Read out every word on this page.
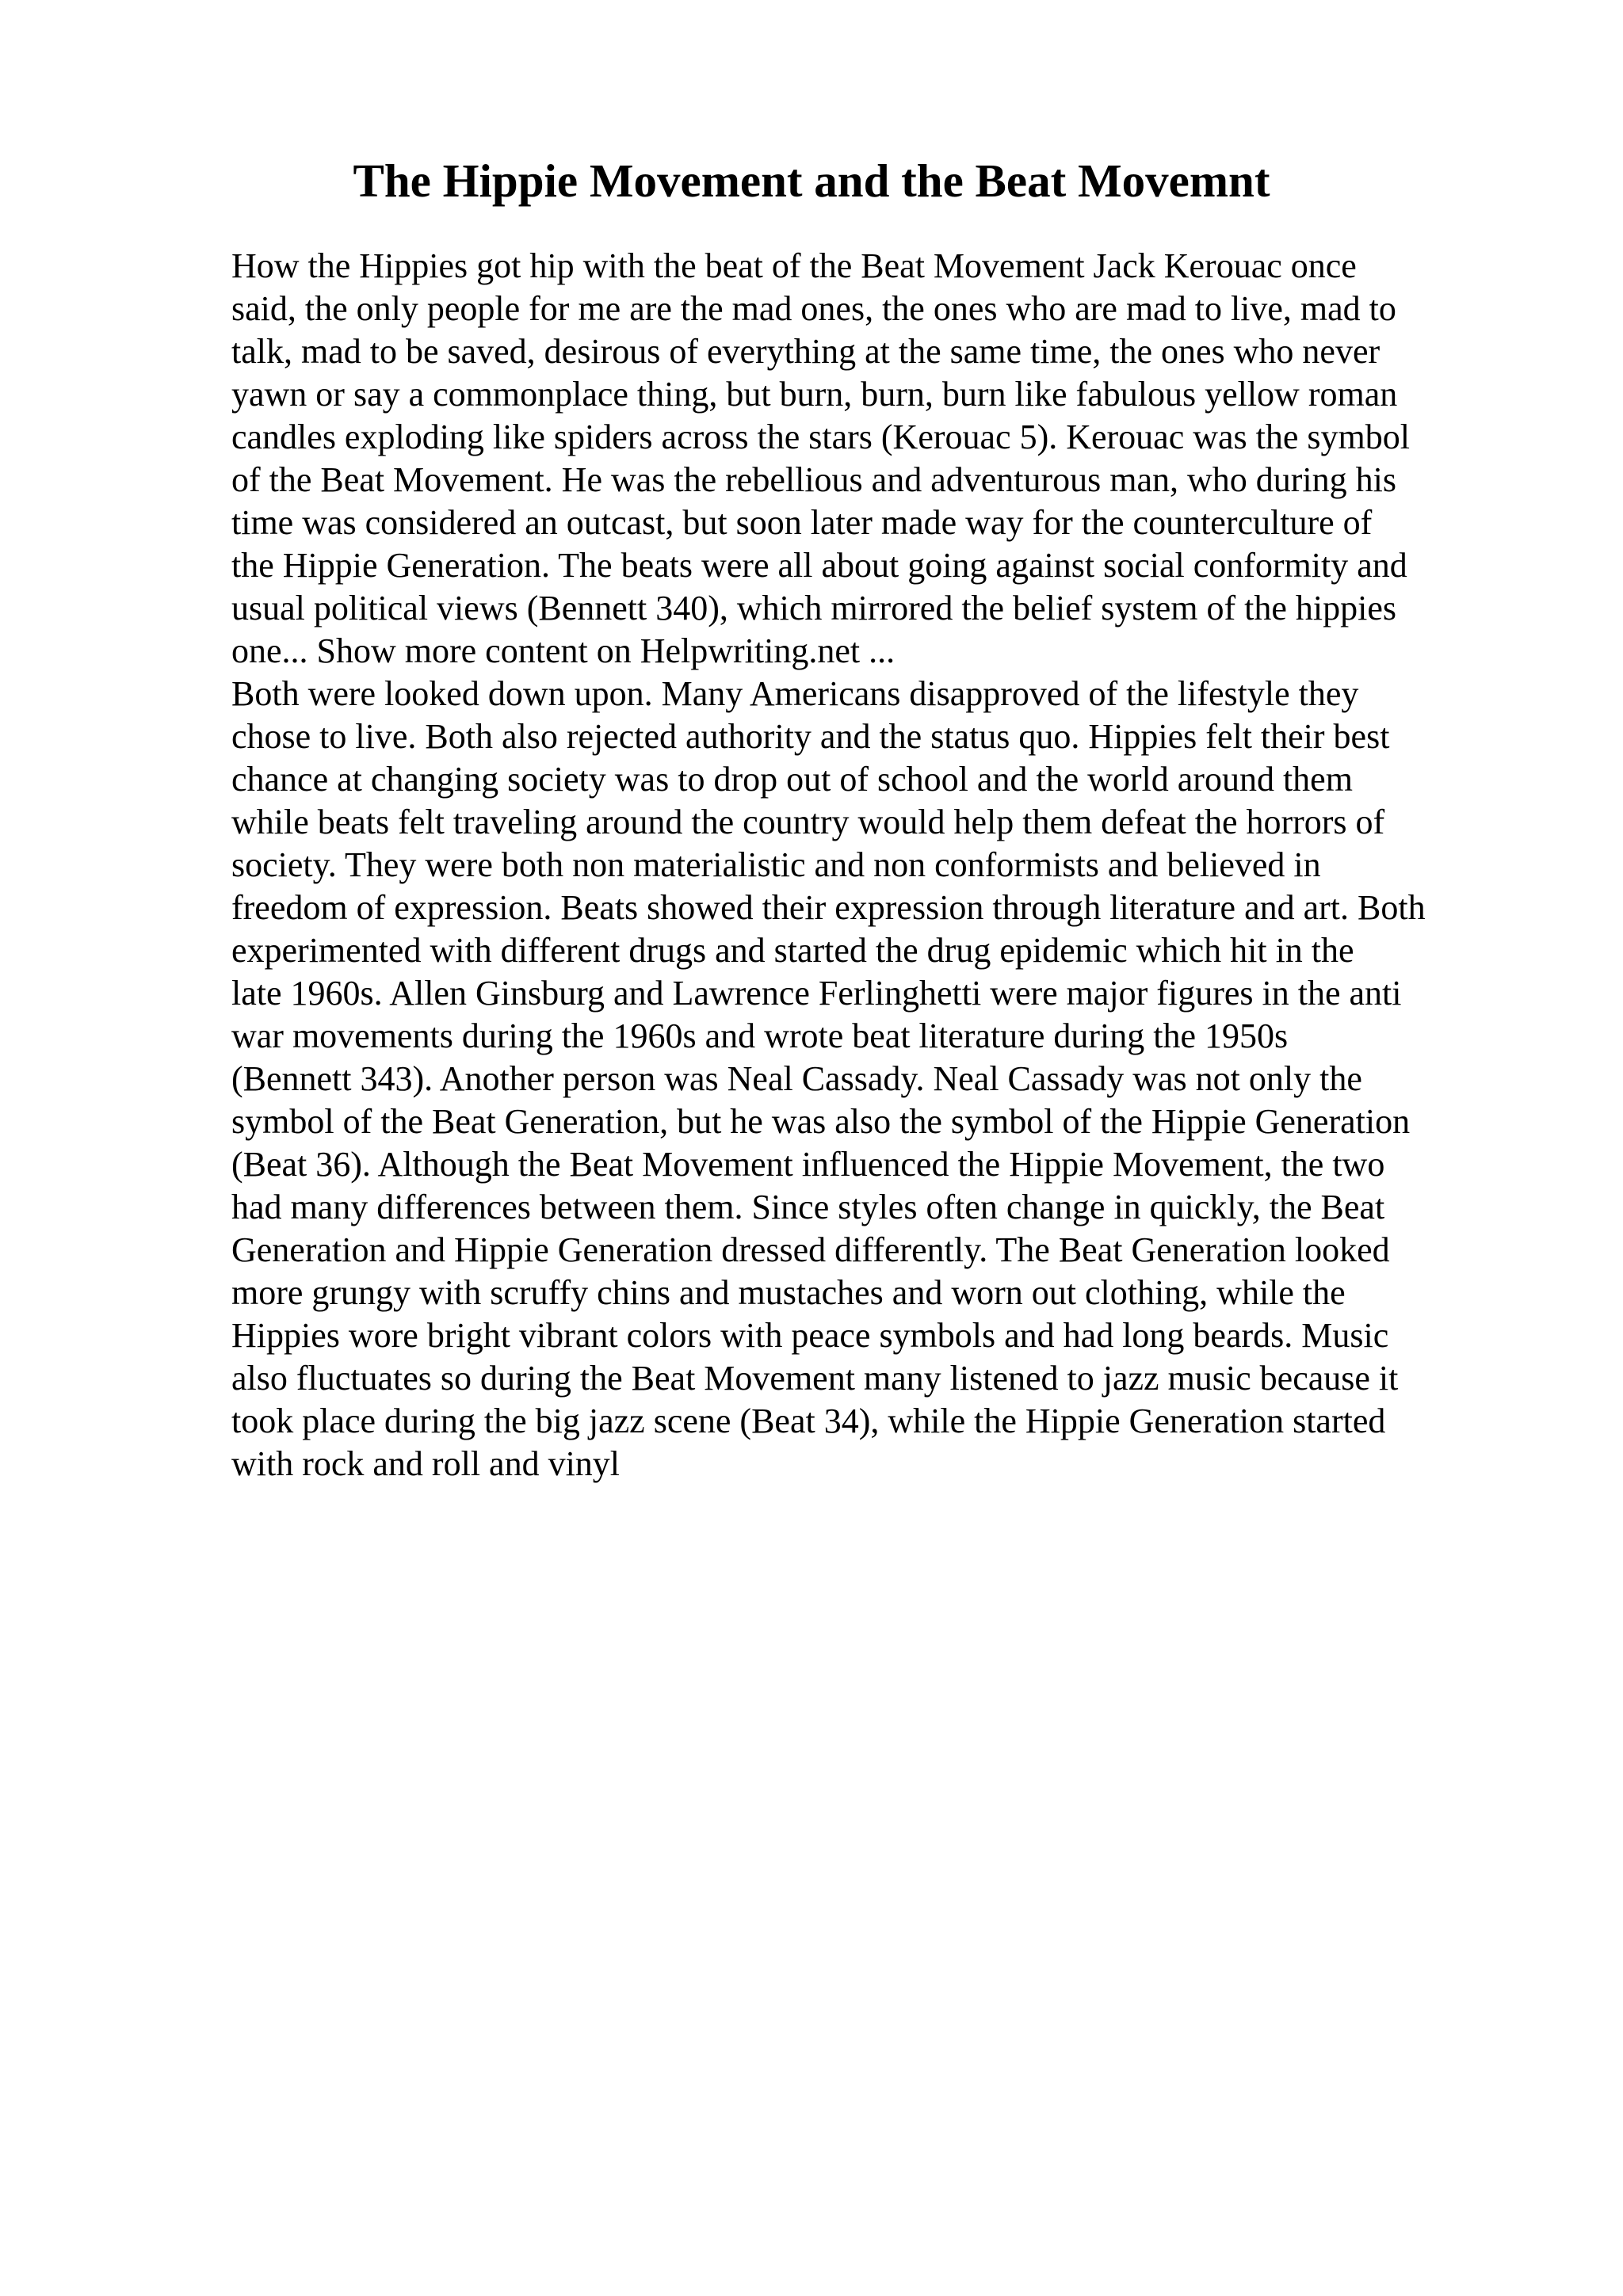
The Hippie Movement and the Beat Movemnt
How the Hippies got hip with the beat of the Beat Movement Jack Kerouac once
said, the only people for me are the mad ones, the ones who are mad to live, mad to
talk, mad to be saved, desirous of everything at the same time, the ones who never
yawn or say a commonplace thing, but burn, burn, burn like fabulous yellow roman
candles exploding like spiders across the stars (Kerouac 5). Kerouac was the symbol
of the Beat Movement. He was the rebellious and adventurous man, who during his
time was considered an outcast, but soon later made way for the counterculture of
the Hippie Generation. The beats were all about going against social conformity and
usual political views (Bennett 340), which mirrored the belief system of the hippies
one... Show more content on Helpwriting.net ...
Both were looked down upon. Many Americans disapproved of the lifestyle they
chose to live. Both also rejected authority and the status quo. Hippies felt their best
chance at changing society was to drop out of school and the world around them
while beats felt traveling around the country would help them defeat the horrors of
society. They were both non materialistic and non conformists and believed in
freedom of expression. Beats showed their expression through literature and art. Both
experimented with different drugs and started the drug epidemic which hit in the
late 1960s. Allen Ginsburg and Lawrence Ferlinghetti were major figures in the anti
war movements during the 1960s and wrote beat literature during the 1950s
(Bennett 343). Another person was Neal Cassady. Neal Cassady was not only the
symbol of the Beat Generation, but he was also the symbol of the Hippie Generation
(Beat 36). Although the Beat Movement influenced the Hippie Movement, the two
had many differences between them. Since styles often change in quickly, the Beat
Generation and Hippie Generation dressed differently. The Beat Generation looked
more grungy with scruffy chins and mustaches and worn out clothing, while the
Hippies wore bright vibrant colors with peace symbols and had long beards. Music
also fluctuates so during the Beat Movement many listened to jazz music because it
took place during the big jazz scene (Beat 34), while the Hippie Generation started
with rock and roll and vinyl
